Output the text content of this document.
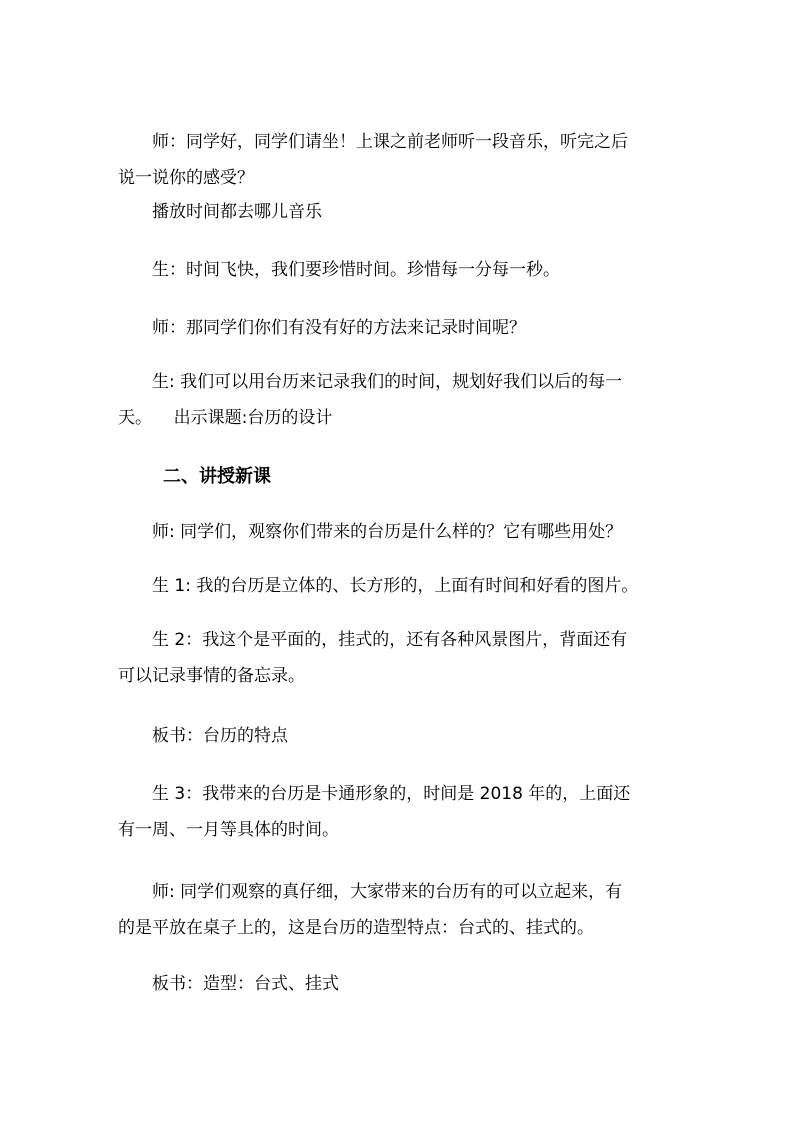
师：同学好，同学们请坐！上课之前老师听一段音乐，听完之后
说一说你的感受？

播放时间都去哪儿音乐

生：时间飞快，我们要珍惜时间。珍惜每一分每一秒。

师：那同学们你们有没有好的方法来记录时间呢？

生: 我们可以用台历来记录我们的时间，规划好我们以后的每一
天。    出示课题:台历的设计

二、讲授新课

师: 同学们，观察你们带来的台历是什么样的？它有哪些用处？

生 1: 我的台历是立体的、长方形的，上面有时间和好看的图片。

生 2：我这个是平面的，挂式的，还有各种风景图片，背面还有
可以记录事情的备忘录。

板书：台历的特点

生 3：我带来的台历是卡通形象的，时间是 2018 年的，上面还
有一周、一月等具体的时间。

师: 同学们观察的真仔细，大家带来的台历有的可以立起来，有
的是平放在桌子上的，这是台历的造型特点：台式的、挂式的。

板书：造型：台式、挂式
